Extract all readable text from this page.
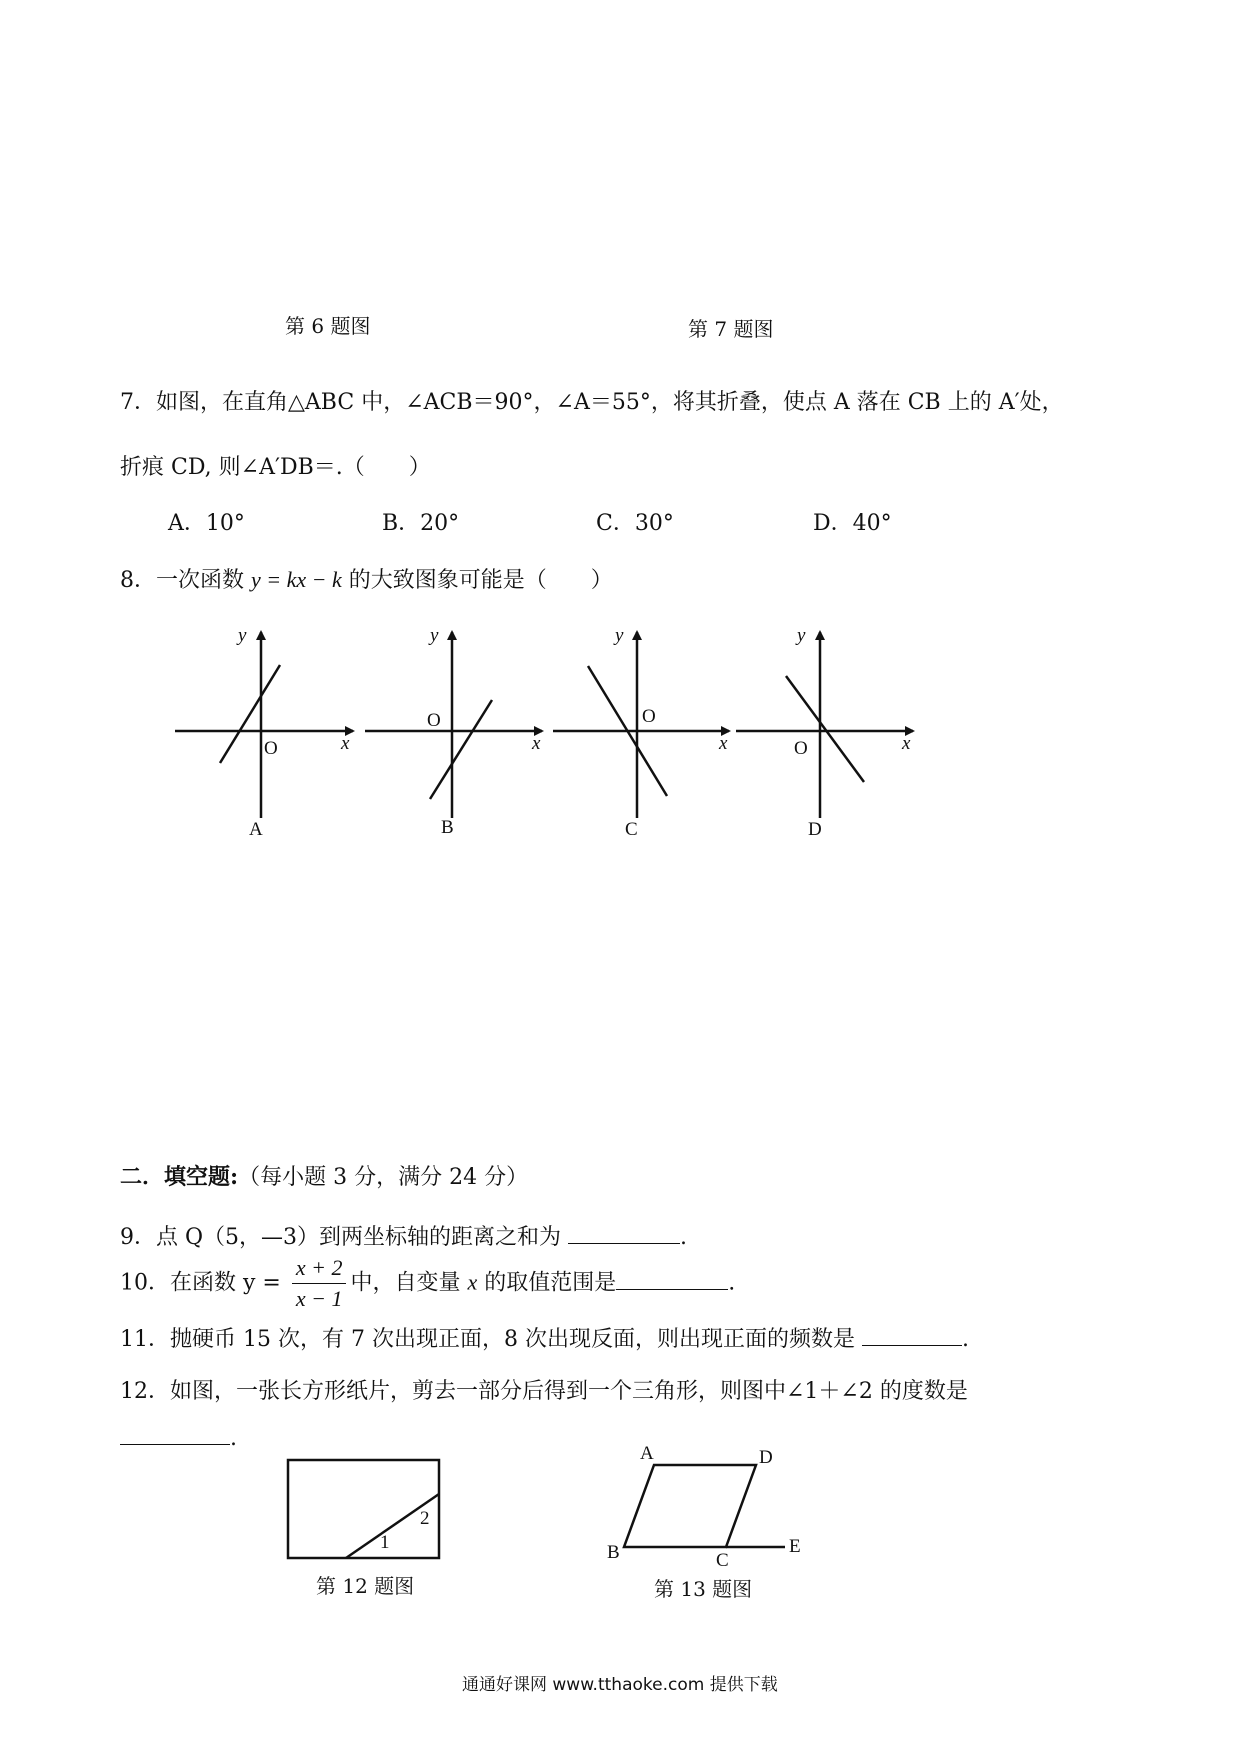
第 6 题图	第 7 题图
7．如图，在直角△ABC 中，∠ACB＝90°，∠A＝55°，将其折叠，使点 A 落在 CB 上的 A′处，
折痕 CD, 则∠A′DB＝.（　　）
A．10°	B．20°	C．30°	D．40°
8．一次函数 y = kx − k 的大致图象可能是（　　）
y
x
O
A
y
x
O
B
y
x
O
C
y
x
O
D
二．填空题:（每小题 3 分，满分 24 分）
9．点 Q（5，—3）到两坐标轴的距离之和为	.
10．在函数 $y = \frac{x + 2}{x - 1}$ 中，自变量 x 的取值范围是	.
11．抛硬币 15 次，有 7 次出现正面，8 次出现反面，则出现正面的频数是	.
12．如图，一张长方形纸片，剪去一部分后得到一个三角形，则图中∠1＋∠2 的度数是
.
1
2
第 12 题图
A	D
B	C
E
第 13 题图
通通好课网 www.tthaoke.com 提供下载
